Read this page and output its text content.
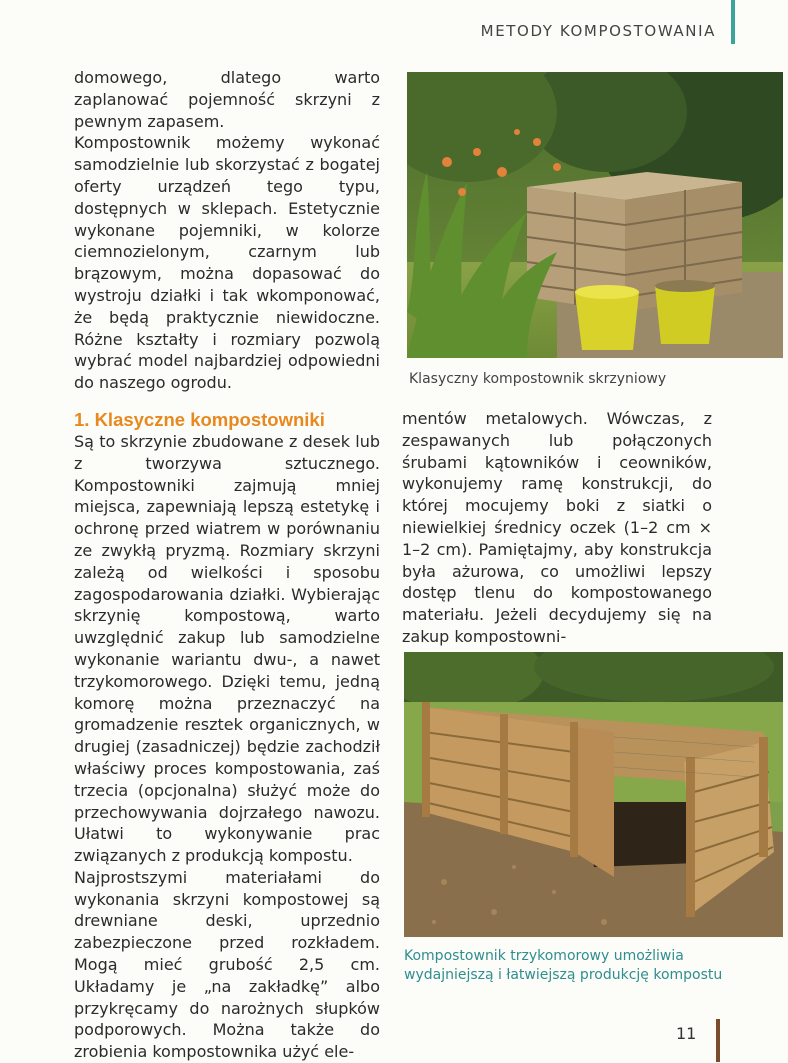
METODY KOMPOSTOWANIA

domowego, dlatego warto zaplanować pojemność skrzyni z pewnym zapasem.

Kompostownik możemy wykonać samodzielnie lub skorzystać z bogatej oferty urządzeń tego typu, dostępnych w sklepach. Estetycznie wykonane pojemniki, w kolorze ciemnozielonym, czarnym lub brązowym, można dopasować do wystroju działki i tak wkomponować, że będą praktycznie niewidoczne. Różne kształty i rozmiary pozwolą wybrać model najbardziej odpowiedni do naszego ogrodu.

1. Klasyczne kompostowniki

Są to skrzynie zbudowane z desek lub z tworzywa sztucznego. Kompostowniki zajmują mniej miejsca, zapewniają lepszą estetykę i ochronę przed wiatrem w porównaniu ze zwykłą pryzmą. Rozmiary skrzyni zależą od wielkości i sposobu zagospodarowania działki. Wybierając skrzynię kompostową, warto uwzględnić zakup lub samodzielne wykonanie wariantu dwu-, a nawet trzykomorowego. Dzięki temu, jedną komorę można przeznaczyć na gromadzenie resztek organicznych, w drugiej (zasadniczej) będzie zachodził właściwy proces kompostowania, zaś trzecia (opcjonalna) służyć może do przechowywania dojrzałego nawozu. Ułatwi to wykonywanie prac związanych z produkcją kompostu.

Najprostszymi materiałami do wykonania skrzyni kompostowej są drewniane deski, uprzednio zabezpieczone przed rozkładem. Mogą mieć grubość 2,5 cm. Układamy je „na zakładkę” albo przykręcamy do narożnych słupków podporowych. Można także do zrobienia kompostownika użyć ele-

Klasyczny kompostownik skrzyniowy

mentów metalowych. Wówczas, z zespawanych lub połączonych śrubami kątowników i ceowników, wykonujemy ramę konstrukcji, do której mocujemy boki z siatki o niewielkiej średnicy oczek (1–2 cm × 1–2 cm). Pamiętajmy, aby konstrukcja była ażurowa, co umożliwi lepszy dostęp tlenu do kompostowanego materiału. Jeżeli decydujemy się na zakup kompostowni-

Kompostownik trzykomorowy umożliwia wydajniejszą i łatwiejszą produkcję kompostu
11
